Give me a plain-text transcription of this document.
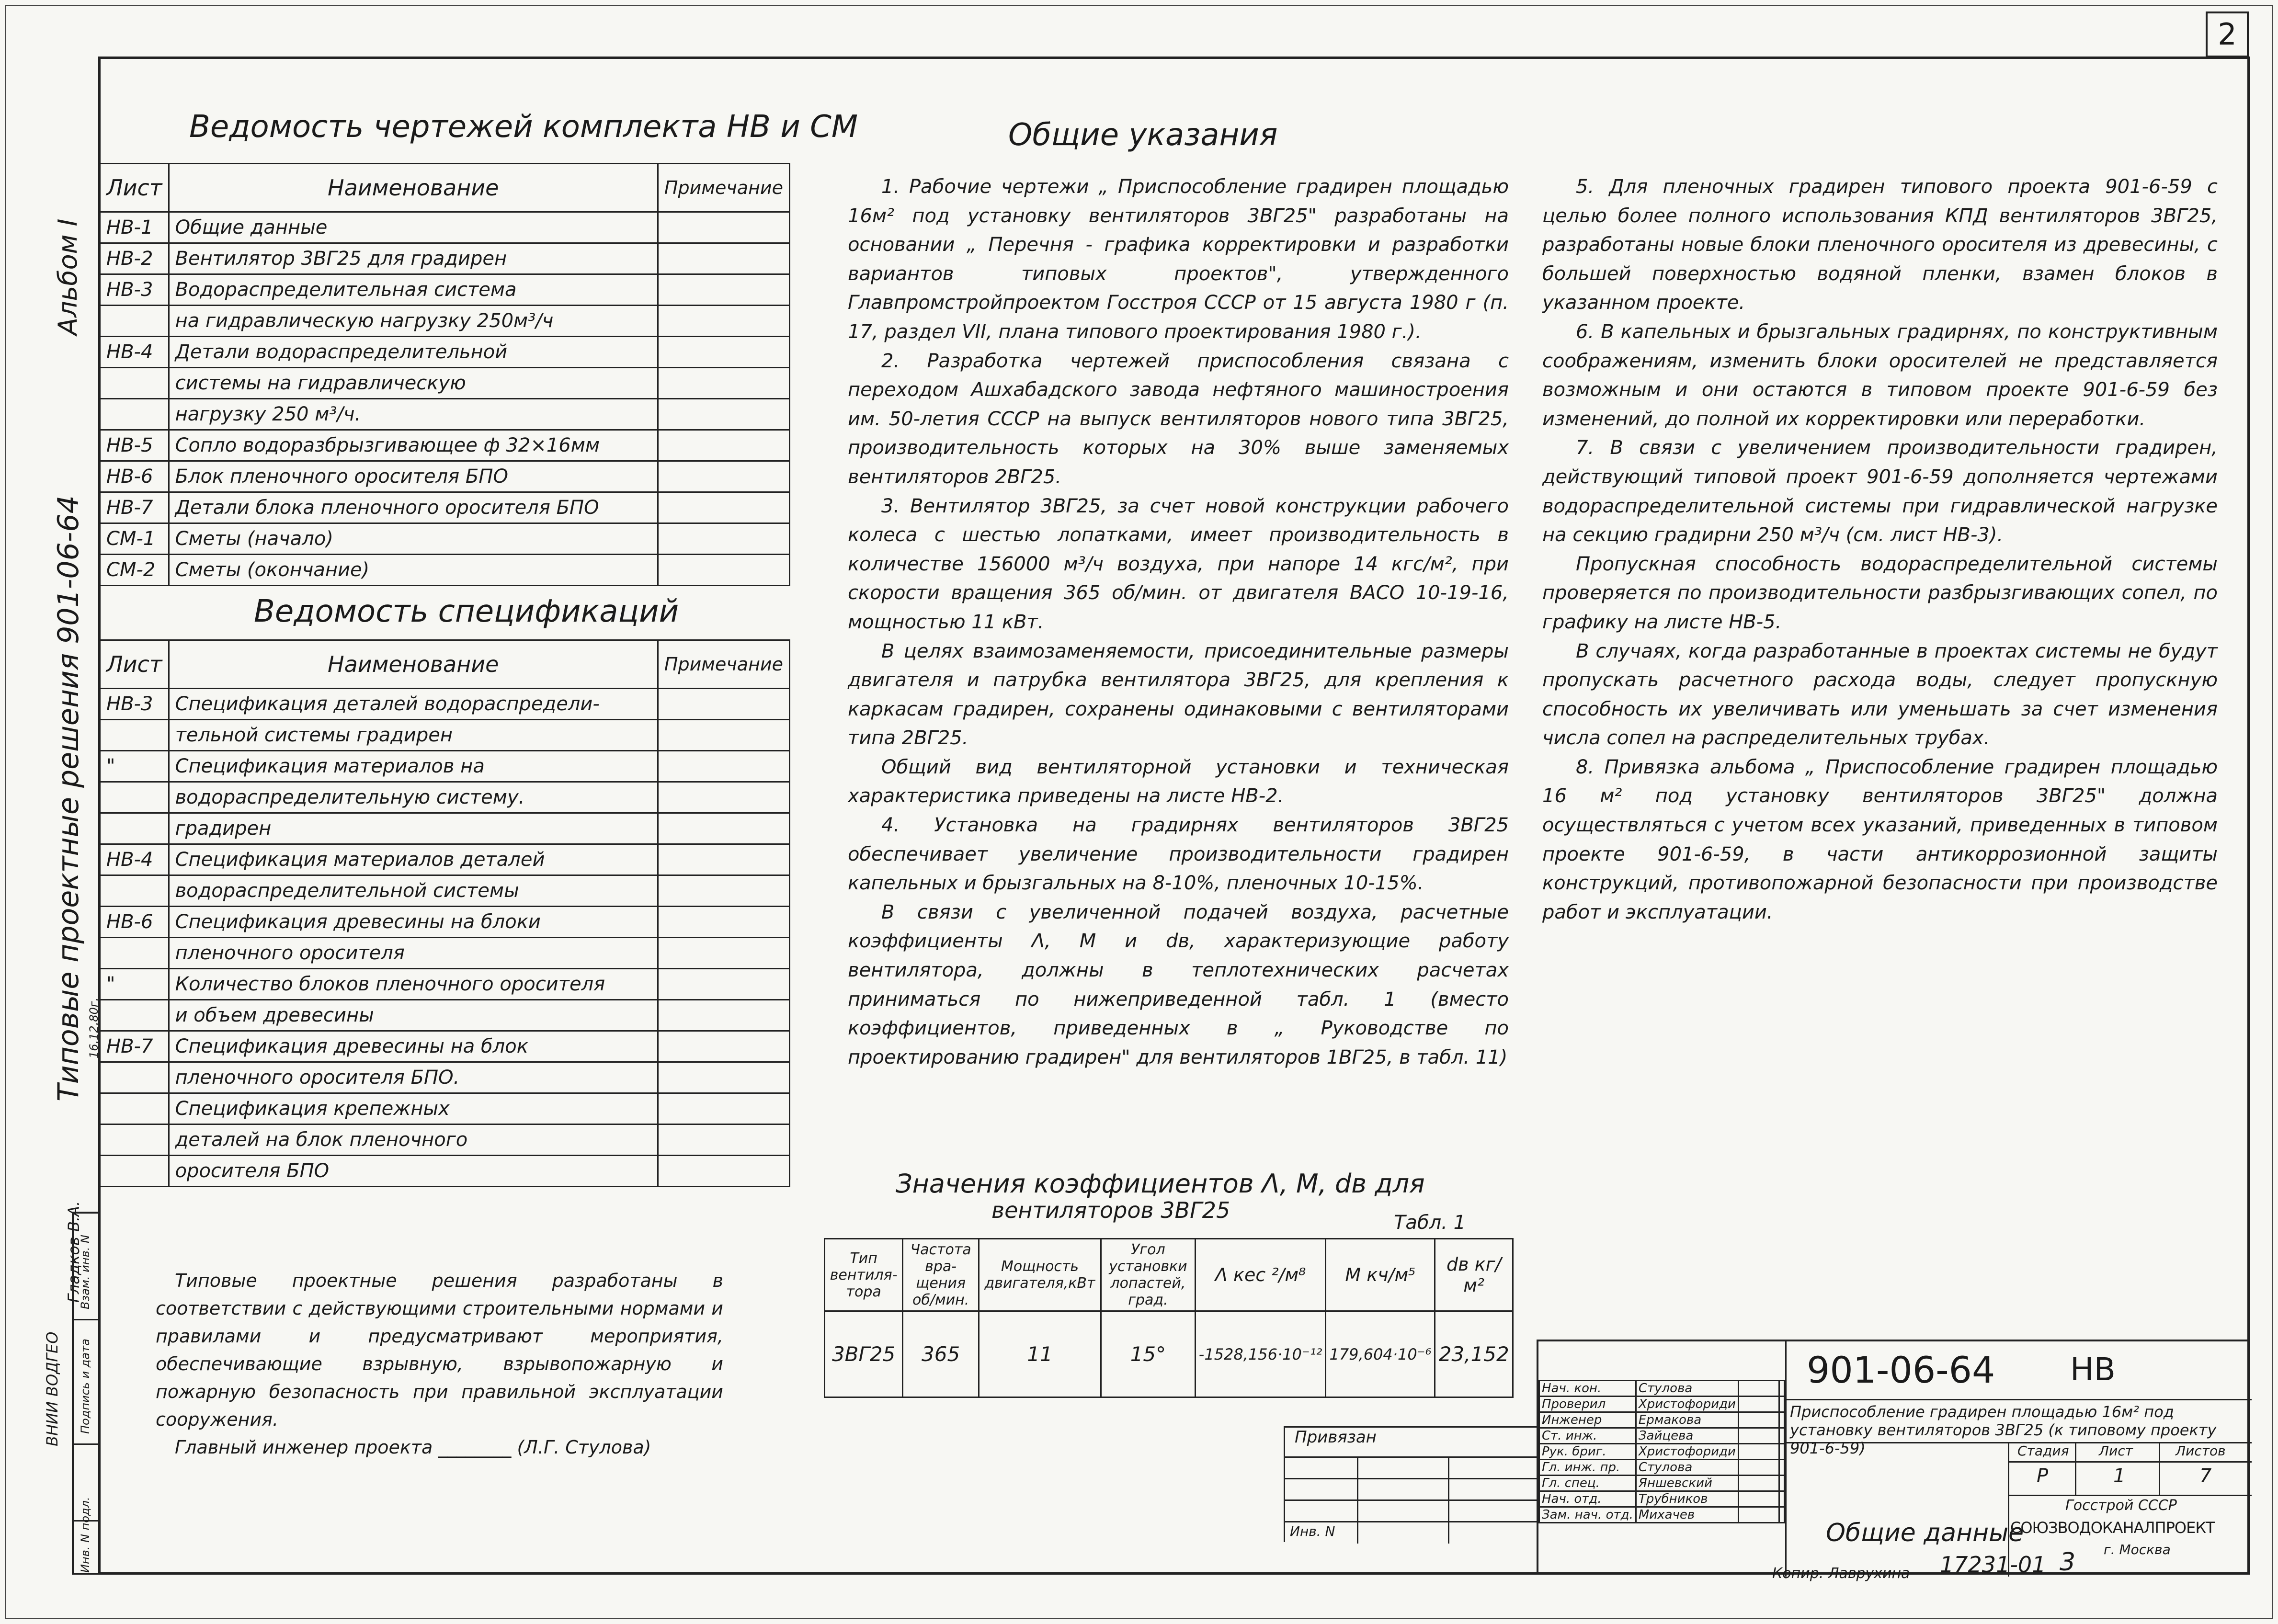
2
Альбом I
Типовые проектные решения 901-06-64
ВНИИ ВОДГЕО
Гладков В.А.
16.12.80г.
Взам. инв. N
Подпись и дата
Инв. N подл.
Ведомость чертежей комплекта НВ и СМ
Лист	Наименование	Примечание
НВ-1	Общие данные	
НВ-2	Вентилятор 3ВГ25 для градирен	
НВ-3	Водораспределительная система	
	на гидравлическую нагрузку 250м³/ч	
НВ-4	Детали водораспределительной	
	системы на гидравлическую	
	нагрузку 250 м³/ч.	
НВ-5	Сопло водоразбрызгивающее ф 32×16мм	
НВ-6	Блок пленочного оросителя БПО	
НВ-7	Детали блока пленочного оросителя БПО	
СМ-1	Сметы (начало)	
СМ-2	Сметы (окончание)	
Ведомость спецификаций
Лист	Наименование	Примечание
НВ-3	Спецификация деталей водораспредели-	
	тельной системы градирен	
"	Спецификация материалов на	
	водораспределительную систему.	
	градирен	
НВ-4	Спецификация материалов деталей	
	водораспределительной системы	
НВ-6	Спецификация древесины на блоки	
	пленочного оросителя	
"	Количество блоков пленочного оросителя	
	и объем древесины	
НВ-7	Спецификация древесины на блок	
	пленочного оросителя БПО.	
	Спецификация крепежных	
	деталей на блок пленочного	
	оросителя БПО	
Общие указания

1. Рабочие чертежи „ Приспособление градирен площадью 16м² под установку вентиляторов 3ВГ25" разработаны на основании „ Перечня - графика корректировки и разработки вариантов типовых проектов", утвержденного Главпромстройпроектом Госстроя СССР от 15 августа 1980 г (п. 17, раздел VII, плана типового проектирования 1980 г.).

2. Разработка чертежей приспособления связана с переходом Ашхабадского завода нефтяного машиностроения им. 50-летия СССР на выпуск вентиляторов нового типа 3ВГ25, производительность которых на 30% выше заменяемых вентиляторов 2ВГ25.

3. Вентилятор 3ВГ25, за счет новой конструкции рабочего колеса с шестью лопатками, имеет производительность в количестве 156000 м³/ч воздуха, при напоре 14 кгс/м², при скорости вращения 365 об/мин. от двигателя ВАСО 10-19-16, мощностью 11 кВт.

В целях взаимозаменяемости, присоединительные размеры двигателя и патрубка вентилятора 3ВГ25, для крепления к каркасам градирен, сохранены одинаковыми с вентиляторами типа 2ВГ25.

Общий вид вентиляторной установки и техническая характеристика приведены на листе НВ-2.

4. Установка на градирнях вентиляторов 3ВГ25 обеспечивает увеличение производительности градирен капельных и брызгальных на 8-10%, пленочных 10-15%.

В связи с увеличенной подачей воздуха, расчетные коэффициенты Λ, M и dв, характеризующие работу вентилятора, должны в теплотехнических расчетах приниматься по нижеприведенной табл. 1 (вместо коэффициентов, приведенных в „ Руководстве по проектированию градирен" для вентиляторов 1ВГ25, в табл. 11)

5. Для пленочных градирен типового проекта 901-6-59 с целью более полного использования КПД вентиляторов 3ВГ25, разработаны новые блоки пленочного оросителя из древесины, с большей поверхностью водяной пленки, взамен блоков в указанном проекте.

6. В капельных и брызгальных градирнях, по конструктивным соображениям, изменить блоки оросителей не представляется возможным и они остаются в типовом проекте 901-6-59 без изменений, до полной их корректировки или переработки.

7. В связи с увеличением производительности градирен, действующий типовой проект 901-6-59 дополняется чертежами водораспределительной системы при гидравлической нагрузке на секцию градирни 250 м³/ч (см. лист НВ-3).

Пропускная способность водораспределительной системы проверяется по производительности разбрызгивающих сопел, по графику на листе НВ-5.

В случаях, когда разработанные в проектах системы не будут пропускать расчетного расхода воды, следует пропускную способность их увеличивать или уменьшать за счет изменения числа сопел на распределительных трубах.

8. Привязка альбома „ Приспособление градирен площадью 16 м² под установку вентиляторов 3ВГ25" должна осуществляться с учетом всех указаний, приведенных в типовом проекте 901-6-59, в части антикоррозионной защиты конструкций, противопожарной безопасности при производстве работ и эксплуатации.

Значения коэффициентов Λ, M, dв для
вентиляторов 3ВГ25	Табл. 1
Тип вентиля-тора	Частота вра-щения об/мин.	Мощность двигателя,кВт	Угол установки лопастей, град.	Λ кес ²/м⁸	M кч/м⁵	dв кг/м²
3ВГ25	365	11	15°	-1528,156·10⁻¹²	179,604·10⁻⁶	23,152

Типовые проектные решения разработаны в соответствии с действующими строительными нормами и правилами и предусматривают мероприятия, обеспечивающие взрывную, взрывопожарную и пожарную безопасность при правильной эксплуатации сооружения.

Главный инженер проекта ________ (Л.Г. Стулова)	Привязан
Инв. N
Нач. кон.	Стулова		
Проверил	Христофориди		
Инженер	Ермакова		
Ст. инж.	Зайцева		
Рук. бриг.	Христофориди		
Гл. инж. пр.	Стулова		
Гл. спец.	Яншевский		
Нач. отд.	Трубников		
Зам. нач. отд.	Михачев		
901-06-64 НВ
Приспособление градирен площадью 16м² под установку вентиляторов 3ВГ25 (к типовому проекту 901-6-59)
Общие данные
Стадия Лист	Листов
Р	1	7
Госстрой СССР
СОЮЗВОДОКАНАЛПРОЕКТ
г. Москва
Копир. Лаврухина 17231-01 3
